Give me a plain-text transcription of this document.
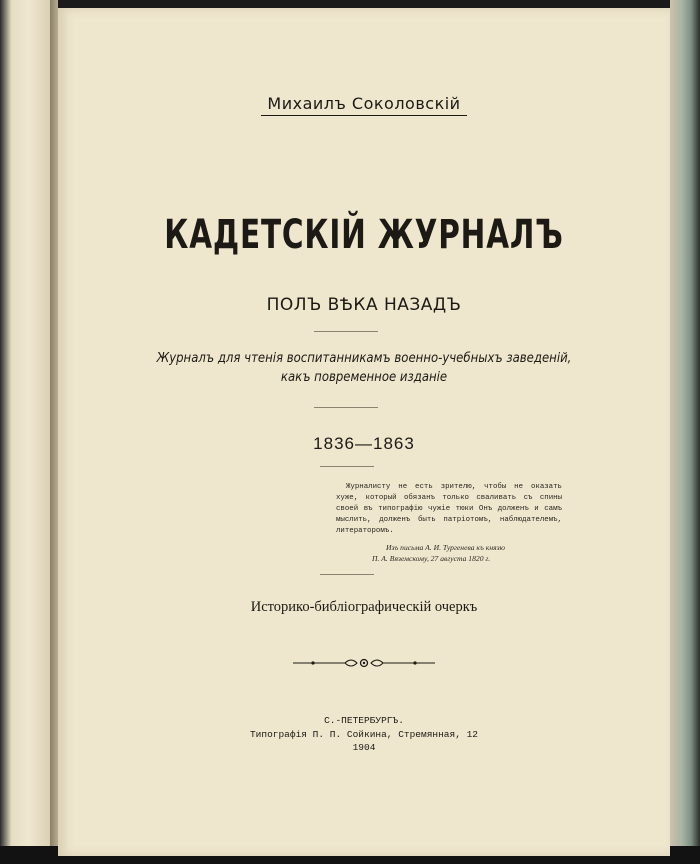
Михаилъ Соколовскiй
КАДЕТСКIЙ ЖУРНАЛЪ
ПОЛЪ ВѢКА НАЗАДЪ
Журналъ для чтенiя воспитанникамъ военно-учебныхъ заведенiй,
какъ повременное изданiе
1836—1863
Журналисту не есть зрителю, чтобы не оказать хуже, который обязанъ только сваливать съ спины своей въ типографiю чужiе тюки Онъ долженъ и самъ мыслить, долженъ быть патрiотомъ, наблюдателемъ, литераторомъ.
Изъ письма А. И. Тургенева къ князю
П. А. Вяземскому, 27 августа 1820 г.
Историко-библiографическiй очеркъ
С.-ПЕТЕРБУРГЪ.
Типографiя П. П. Сойкина, Стремянная, 12
1904
